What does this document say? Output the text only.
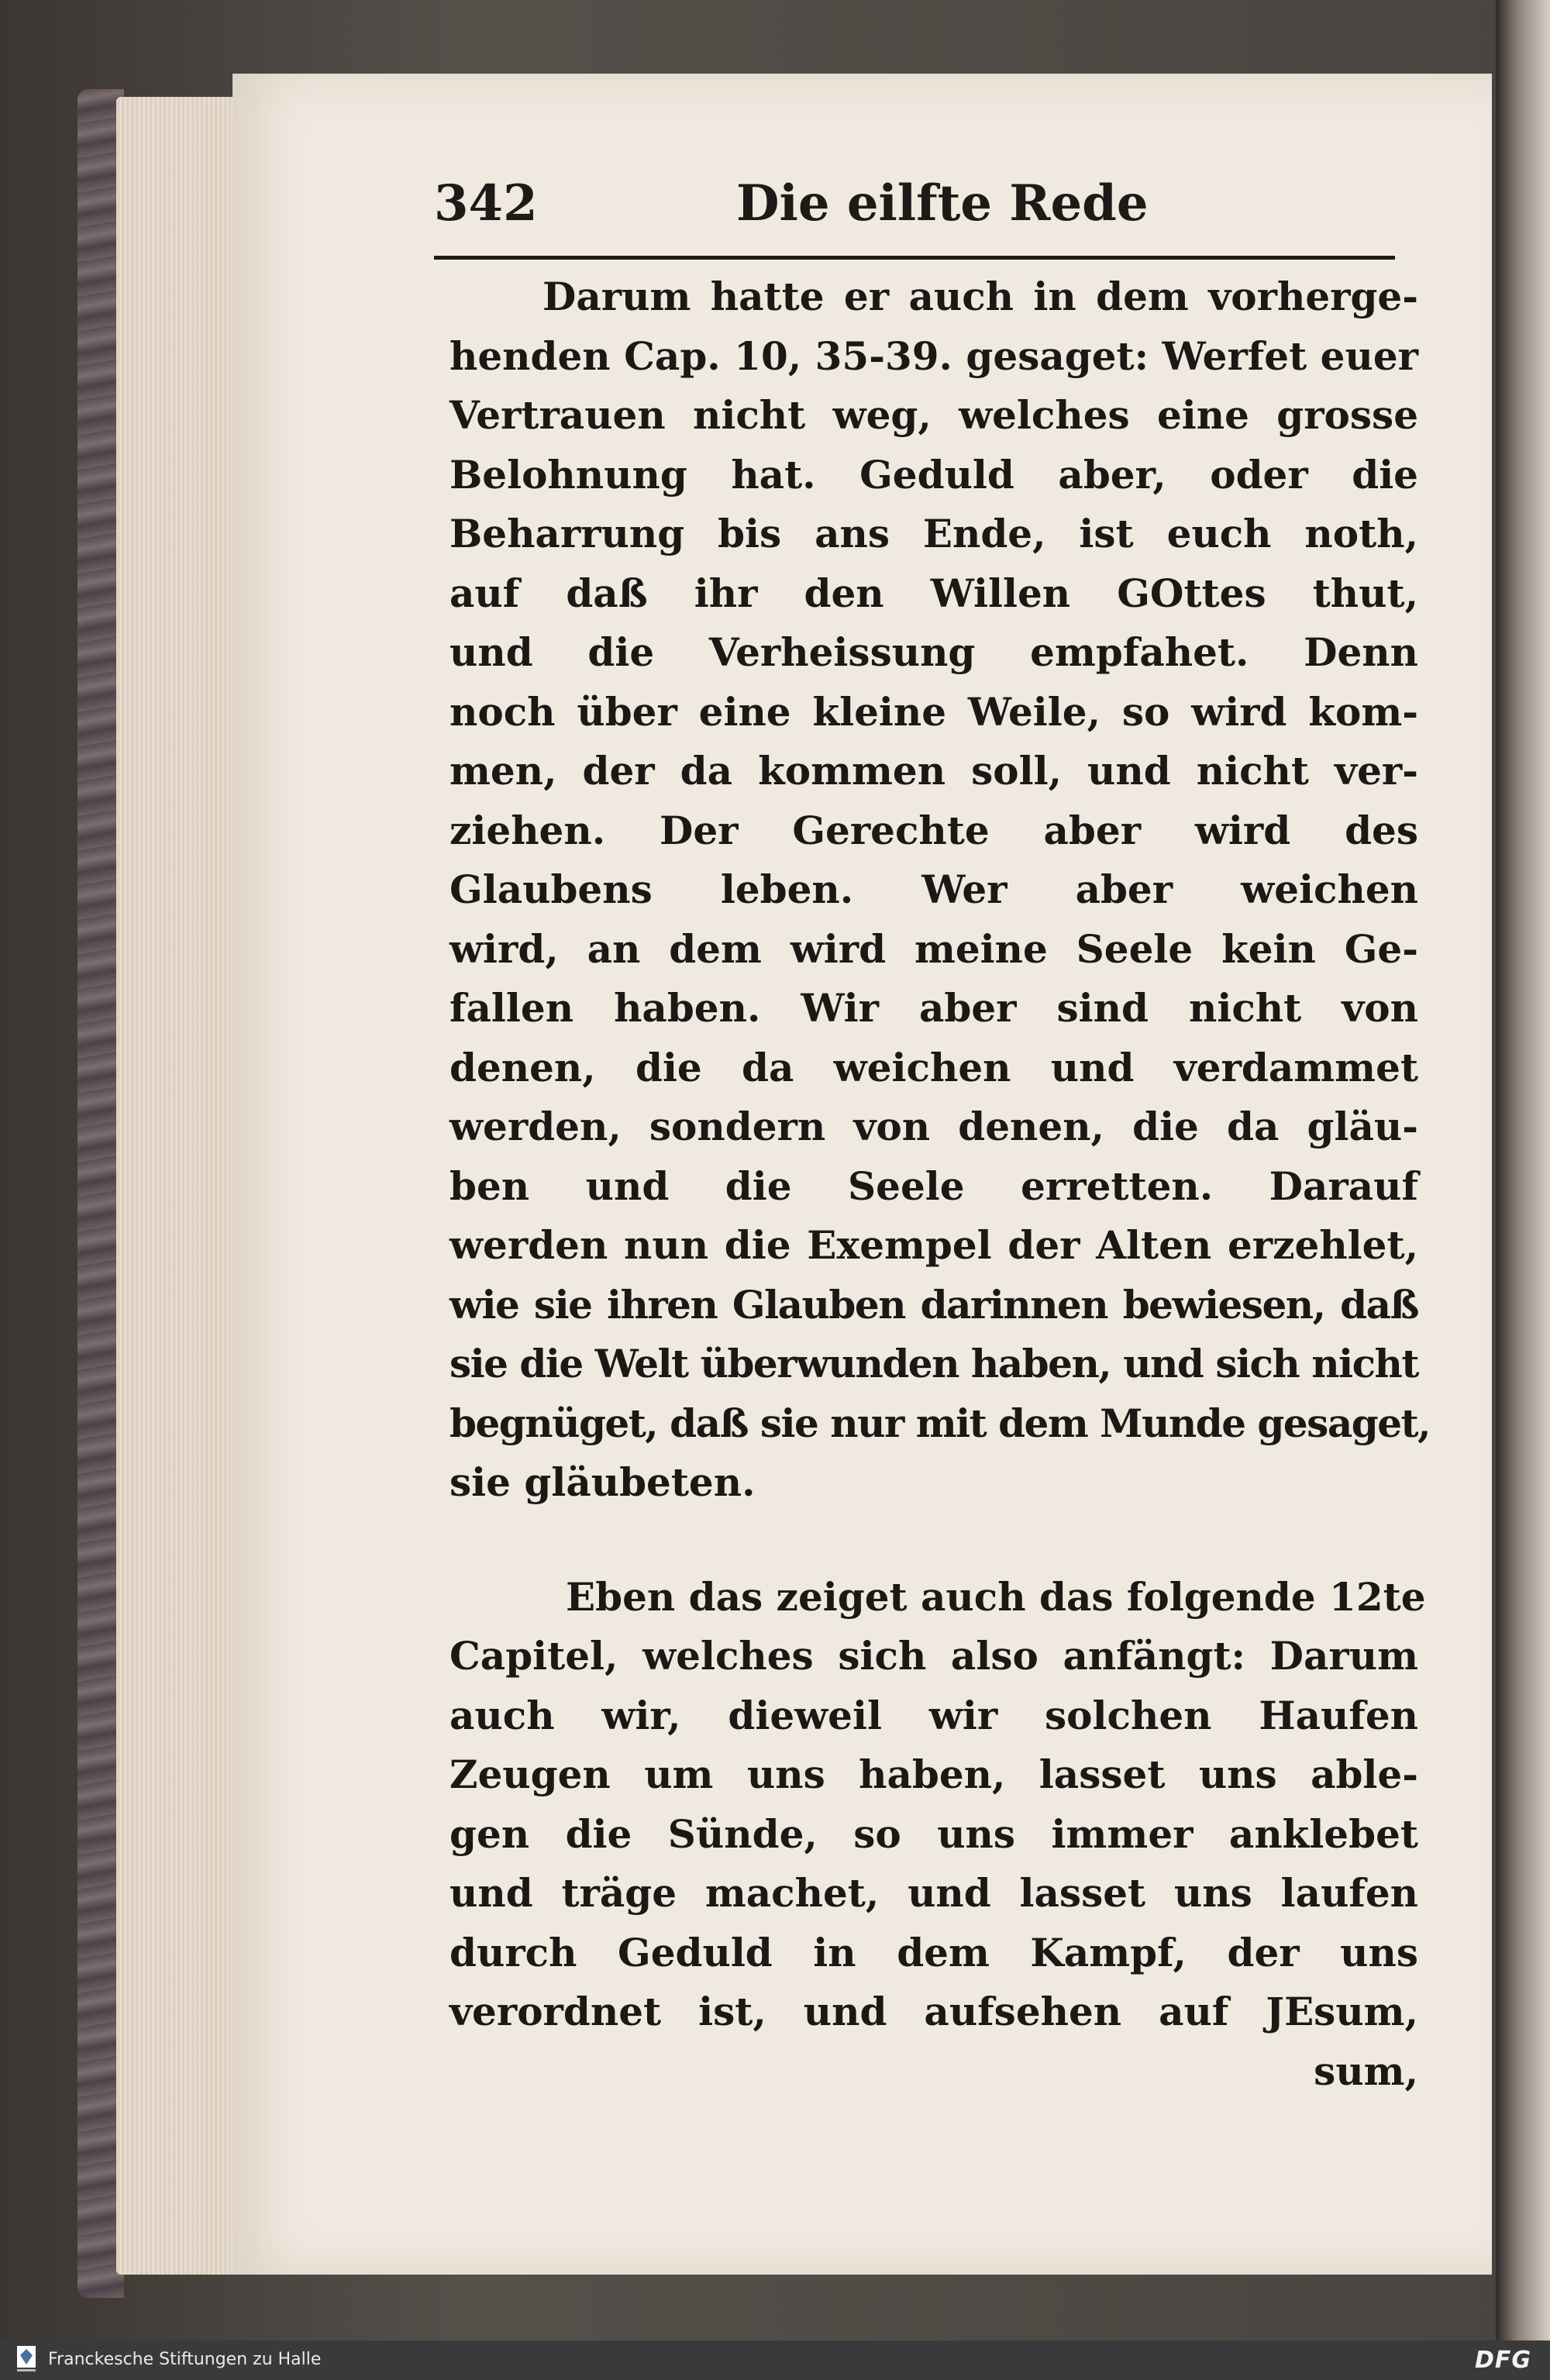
342	Die eilfte Rede
Darum hatte er auch in dem vorherge-
henden Cap. 10, 35-39. gesaget: Werfet euer
Vertrauen nicht weg, welches eine grosse
Belohnung hat. Geduld aber, oder die
Beharrung bis ans Ende, ist euch noth,
auf daß ihr den Willen GOttes thut,
und die Verheissung empfahet. Denn
noch über eine kleine Weile, so wird kom-
men, der da kommen soll, und nicht ver-
ziehen. Der Gerechte aber wird des
Glaubens leben. Wer aber weichen
wird, an dem wird meine Seele kein Ge-
fallen haben. Wir aber sind nicht von
denen, die da weichen und verdammet
werden, sondern von denen, die da gläu-
ben und die Seele erretten. Darauf
werden nun die Exempel der Alten erzehlet,
wie sie ihren Glauben darinnen bewiesen, daß
sie die Welt überwunden haben, und sich nicht
begnüget, daß sie nur mit dem Munde gesaget,
sie gläubeten.
Eben das zeiget auch das folgende 12te
Capitel, welches sich also anfängt: Darum
auch wir, dieweil wir solchen Haufen
Zeugen um uns haben, lasset uns able-
gen die Sünde, so uns immer anklebet
und träge machet, und lasset uns laufen
durch Geduld in dem Kampf, der uns
verordnet ist, und aufsehen auf JEsum,
sum,
Franckesche Stiftungen zu Halle	DFG
